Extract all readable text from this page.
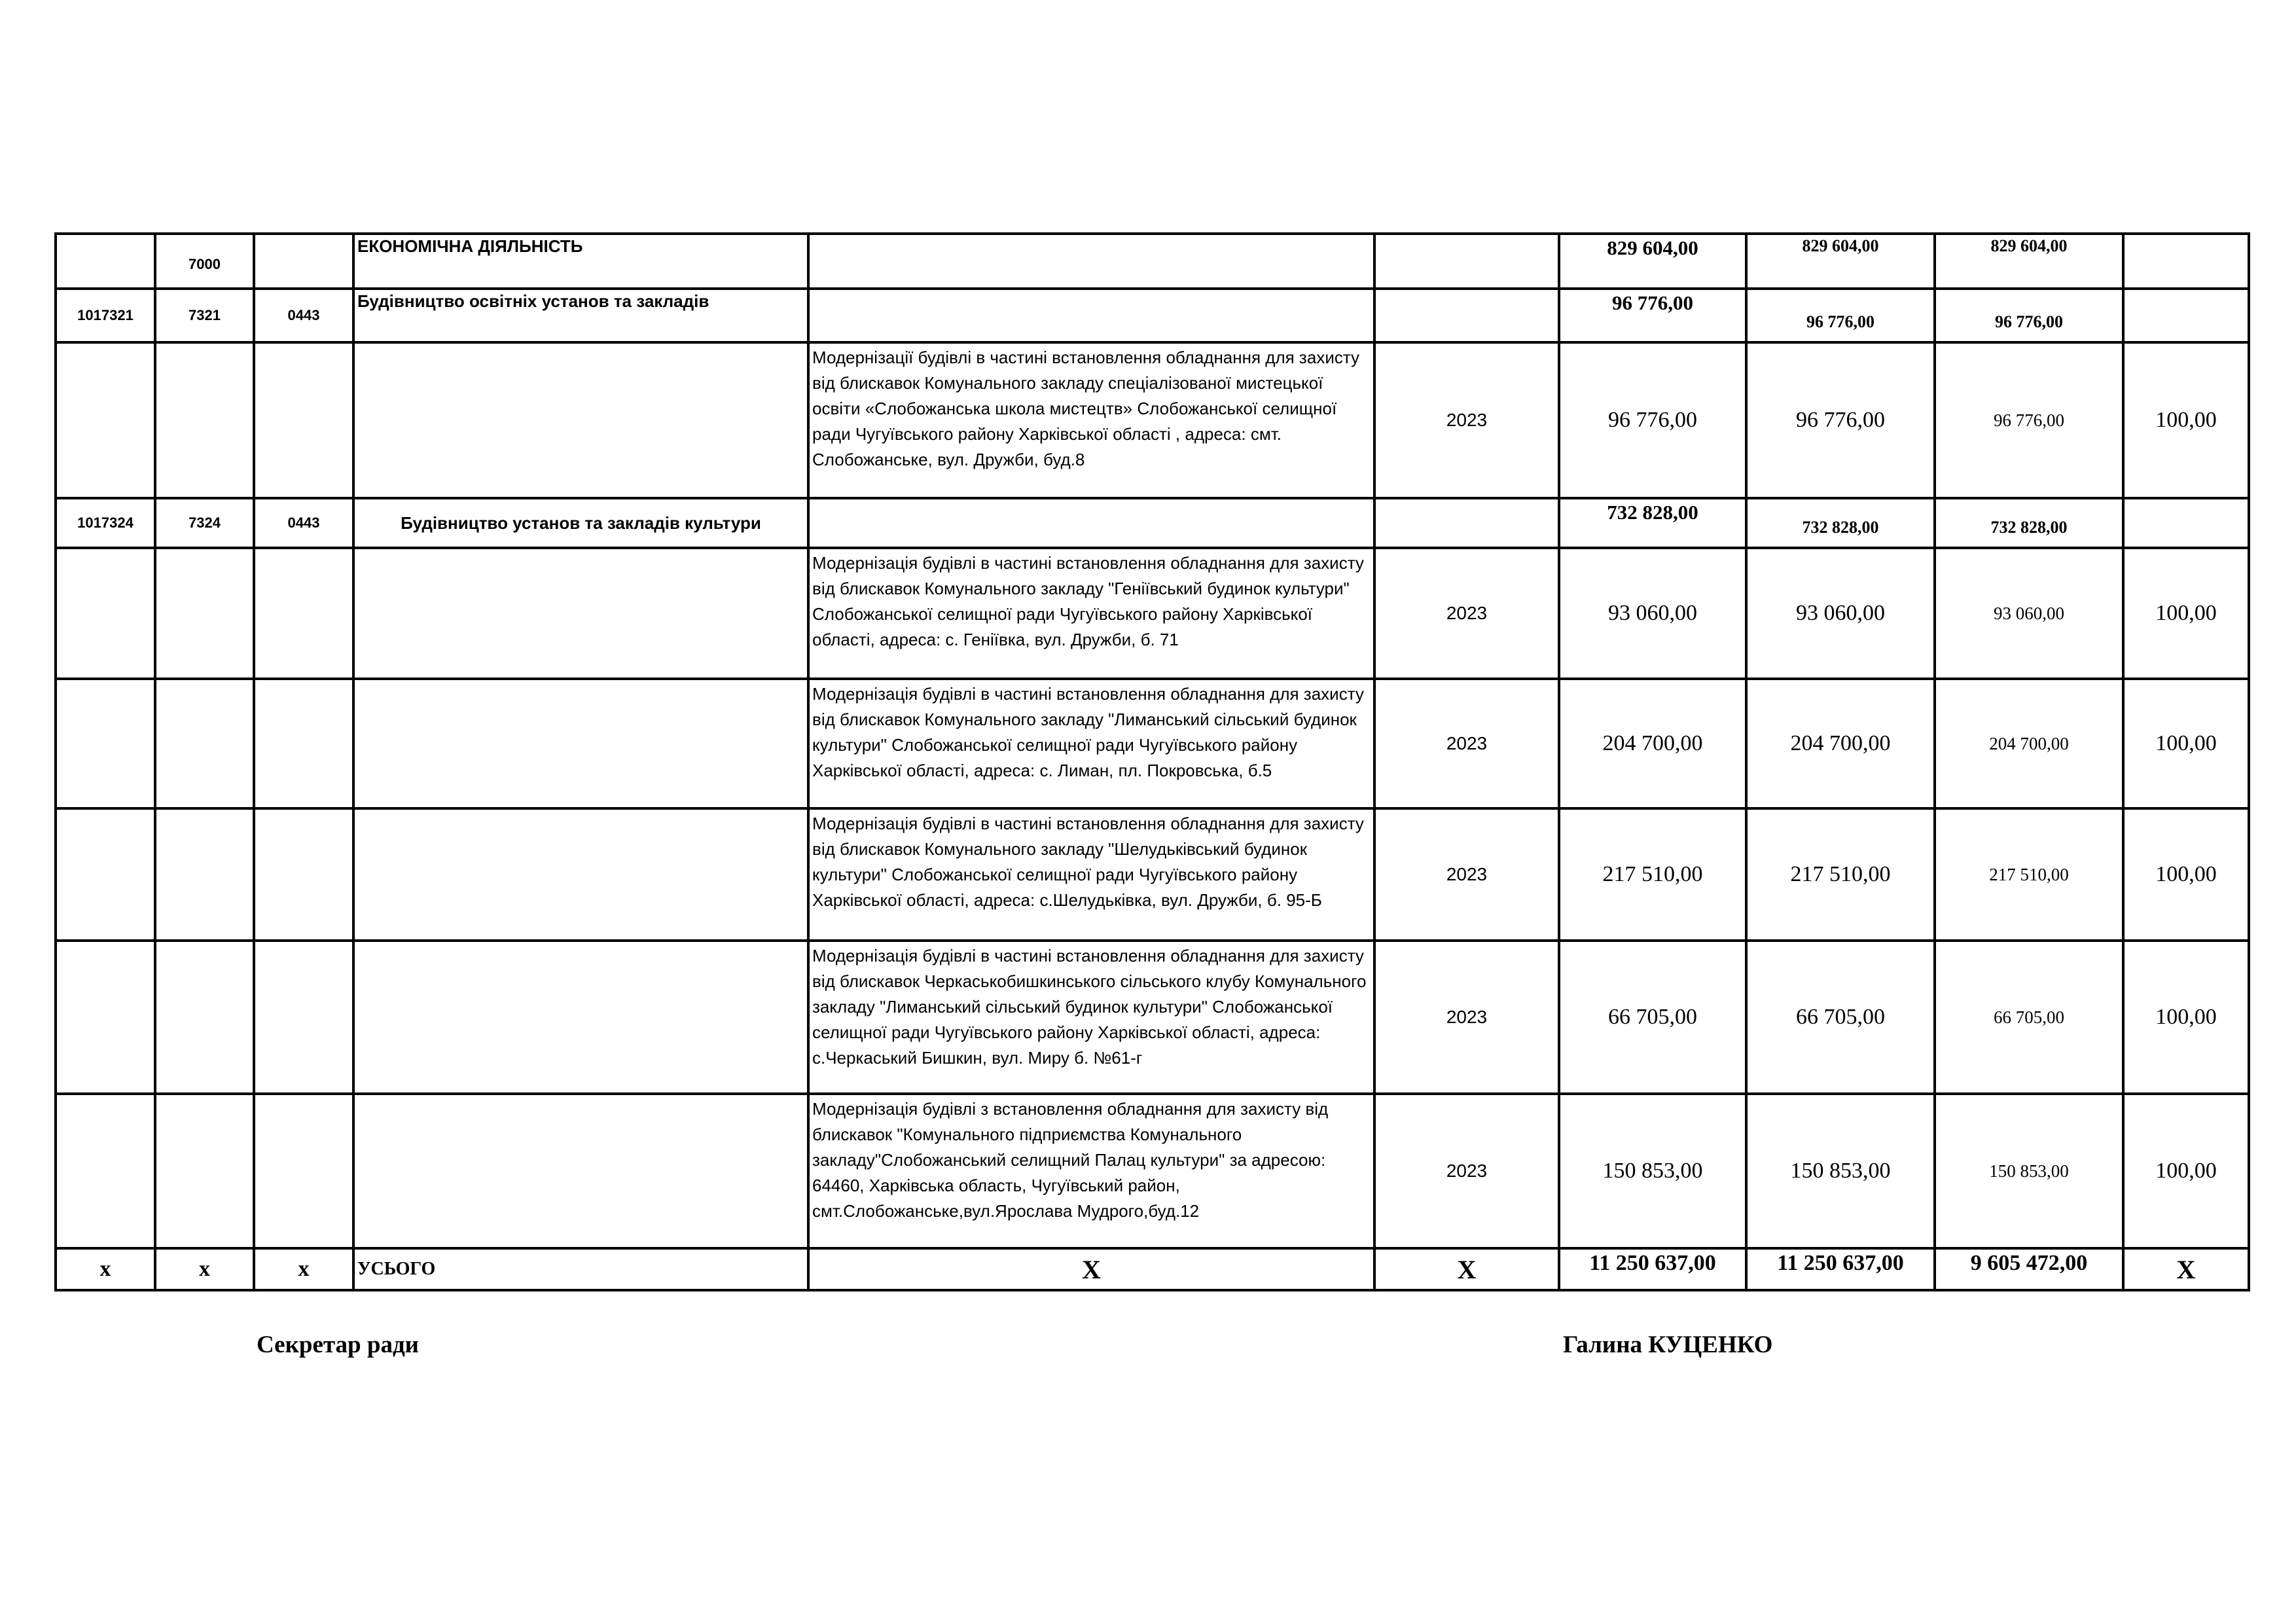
	7000		ЕКОНОМІЧНА ДІЯЛЬНІСТЬ			829 604,00	829 604,00	829 604,00	
1017321	7321	0443	Будівництво освітніх установ та закладів			96 776,00	96 776,00	96 776,00	
				Модернізації будівлі в частині встановлення обладнання для захисту від блискавок Комунального закладу спеціалізованої мистецької освіти «Слобожанська школа мистецтв» Слобожанської селищної ради Чугуївського району Харківської області , адреса: смт. Слобожанське, вул. Дружби, буд.8	2023	96 776,00	96 776,00	96 776,00	100,00
1017324	7324	0443	Будівництво установ та закладів культури			732 828,00	732 828,00	732 828,00	
				Модернізація будівлі в частині встановлення обладнання для захисту від блискавок Комунального закладу "Геніївський будинок культури" Слобожанської селищної ради Чугуївського району Харківської області, адреса: с. Геніївка, вул. Дружби, б. 71	2023	93 060,00	93 060,00	93 060,00	100,00
				Модернізація будівлі в частині встановлення обладнання для захисту від блискавок Комунального закладу "Лиманський сільський будинок культури" Слобожанської селищної ради Чугуївського району Харківської області, адреса: с. Лиман, пл. Покровська, б.5	2023	204 700,00	204 700,00	204 700,00	100,00
				Модернізація будівлі в частині встановлення обладнання для захисту від блискавок Комунального закладу "Шелудьківський будинок культури" Слобожанської селищної ради Чугуївського району Харківської області, адреса: с.Шелудьківка, вул. Дружби, б. 95-Б	2023	217 510,00	217 510,00	217 510,00	100,00
				Модернізація будівлі в частині встановлення обладнання для захисту від блискавок Черкаськобишкинського сільського клубу Комунального закладу "Лиманський сільський будинок культури" Слобожанської селищної ради Чугуївського району Харківської області, адреса: с.Черкаський Бишкин, вул. Миру б. №61-г	2023	66 705,00	66 705,00	66 705,00	100,00
				Модернізація будівлі з встановлення обладнання для захисту від блискавок "Комунального підприємства Комунального закладу"Слобожанський селищний Палац культури" за адресою: 64460, Харківська область, Чугуївський район, смт.Слобожанське,вул.Ярослава Мудрого,буд.12	2023	150 853,00	150 853,00	150 853,00	100,00
х	х	х	УСЬОГО	Х	Х	11 250 637,00	11 250 637,00	9 605 472,00	Х
Секретар ради	Галина КУЦЕНКО
